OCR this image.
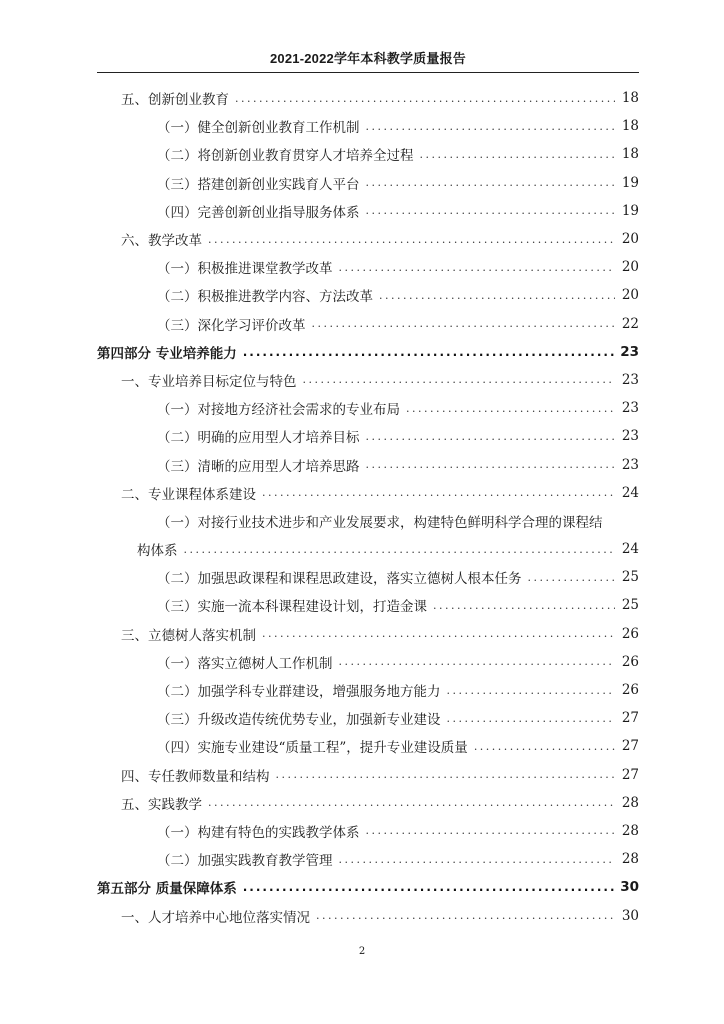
2021-2022学年本科教学质量报告
五、创新创业教育 .....	18
（一）健全创新创业教育工作机制 .....	18
（二）将创新创业教育贯穿人才培养全过程 .....	18
（三）搭建创新创业实践育人平台 .....	19
（四）完善创新创业指导服务体系 .....	19
六、教学改革 .....	20
（一）积极推进课堂教学改革 .....	20
（二）积极推进教学内容、方法改革 .....	20
（三）深化学习评价改革 .....	22
第四部分 专业培养能力 .....	23
一、专业培养目标定位与特色 .....	23
（一）对接地方经济社会需求的专业布局 .....	23
（二）明确的应用型人才培养目标 .....	23
（三）清晰的应用型人才培养思路 .....	23
二、专业课程体系建设 .....	24
（一）对接行业技术进步和产业发展要求，构建特色鲜明科学合理的课程结
构体系 .....	24
（二）加强思政课程和课程思政建设，落实立德树人根本任务 .....	25
（三）实施一流本科课程建设计划，打造金课 .....	25
三、立德树人落实机制 .....	26
（一）落实立德树人工作机制 .....	26
（二）加强学科专业群建设，增强服务地方能力 .....	26
（三）升级改造传统优势专业，加强新专业建设 .....	27
（四）实施专业建设“质量工程”，提升专业建设质量 .....	27
四、专任教师数量和结构 .....	27
五、实践教学 .....	28
（一）构建有特色的实践教学体系 .....	28
（二）加强实践教育教学管理 .....	28
第五部分 质量保障体系 .....	30
一、人才培养中心地位落实情况 .....	30
2
